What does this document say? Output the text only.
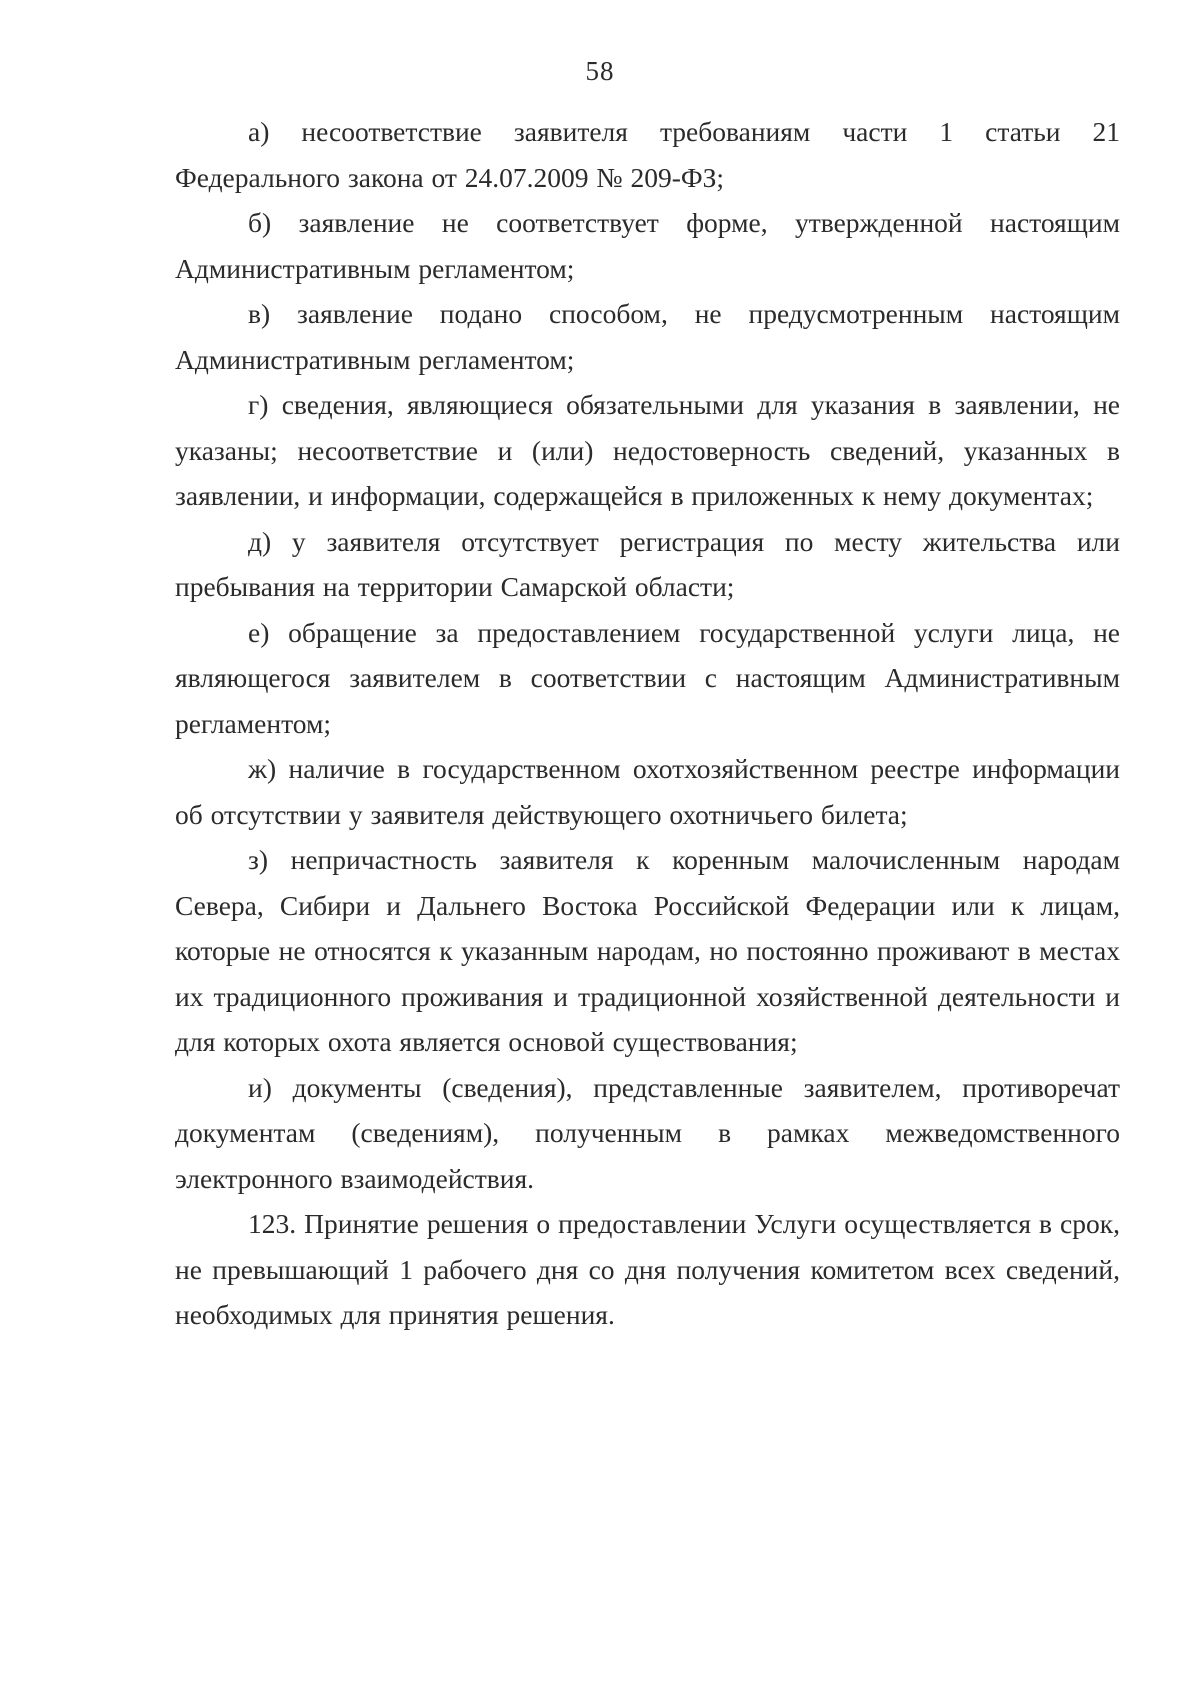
58

а) несоответствие заявителя требованиям части 1 статьи 21 Федерального закона от 24.07.2009 № 209-ФЗ;

б) заявление не соответствует форме, утвержденной настоящим Административным регламентом;

в) заявление подано способом, не предусмотренным настоящим Административным регламентом;

г) сведения, являющиеся обязательными для указания в заявлении, не указаны; несоответствие и (или) недостоверность сведений, указанных в заявлении, и информации, содержащейся в приложенных к нему документах;

д) у заявителя отсутствует регистрация по месту жительства или пребывания на территории Самарской области;

е) обращение за предоставлением государственной услуги лица, не являющегося заявителем в соответствии с настоящим Административным регламентом;

ж) наличие в государственном охотхозяйственном реестре информации об отсутствии у заявителя действующего охотничьего билета;

з) непричастность заявителя к коренным малочисленным народам Севера, Сибири и Дальнего Востока Российской Федерации или к лицам, которые не относятся к указанным народам, но постоянно проживают в местах их традиционного проживания и традиционной хозяйственной деятельности и для которых охота является основой существования;

и) документы (сведения), представленные заявителем, противоречат документам (сведениям), полученным в рамках межведомственного электронного взаимодействия.

123. Принятие решения о предоставлении Услуги осуществляется в срок, не превышающий 1 рабочего дня со дня получения комитетом всех сведений, необходимых для принятия решения.
